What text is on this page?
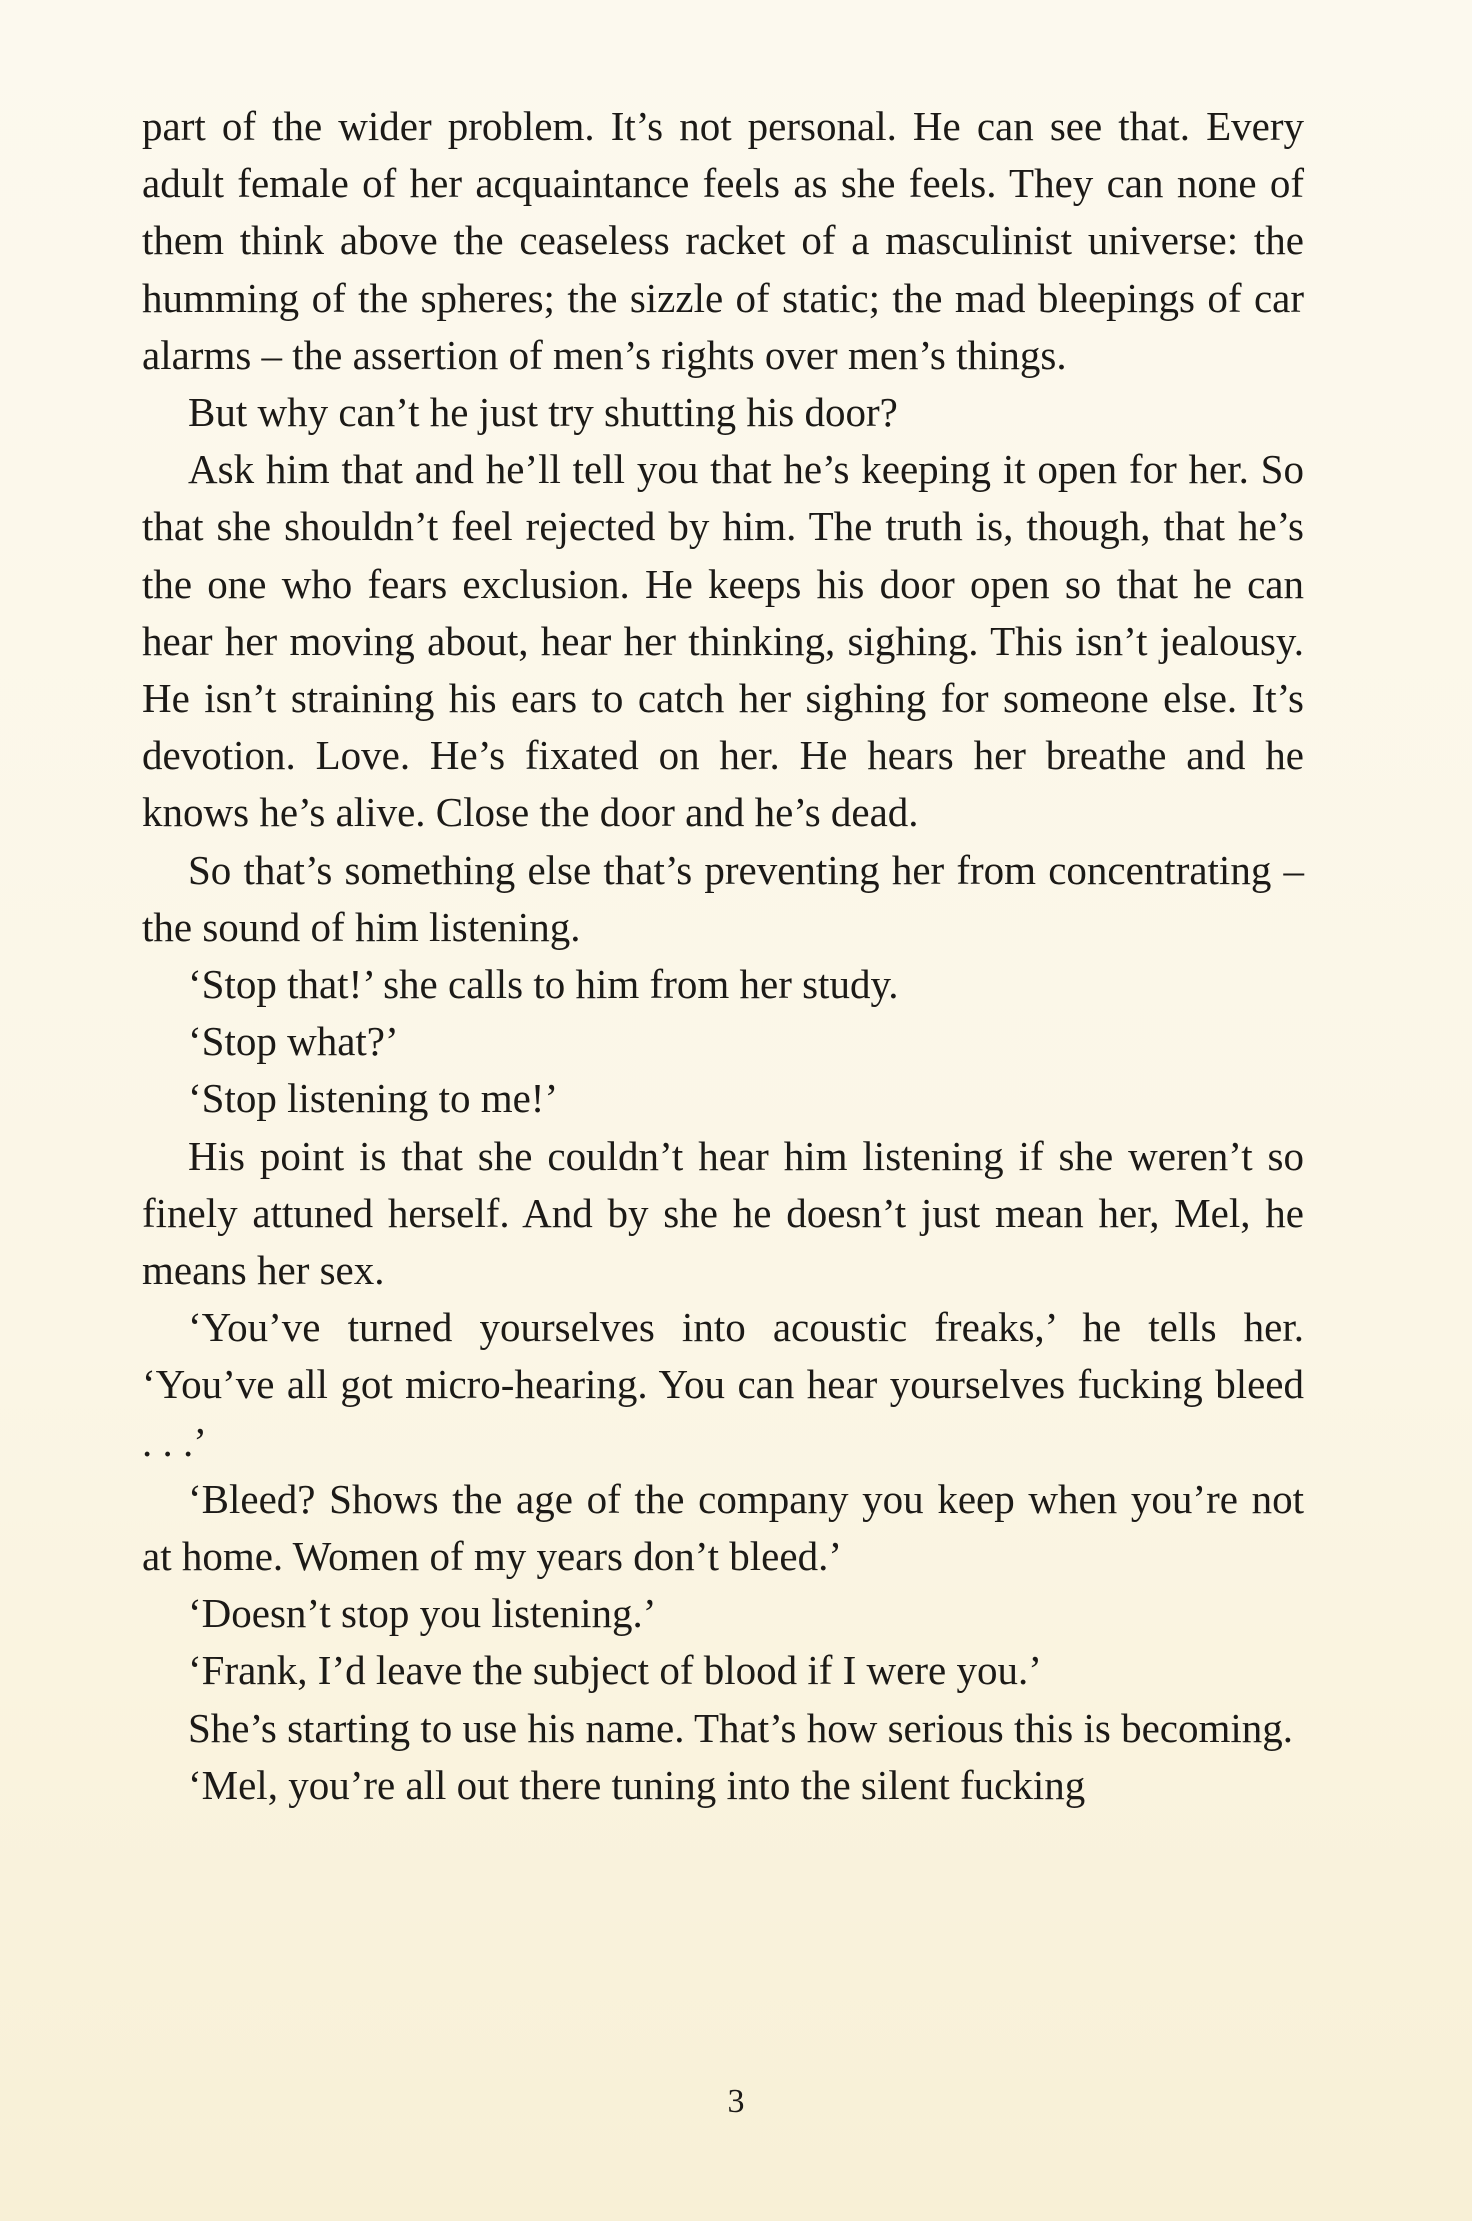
part of the wider problem. It’s not personal. He can see that. Every adult female of her acquaintance feels as she feels. They can none of them think above the ceaseless racket of a masculinist universe: the humming of the spheres; the sizzle of static; the mad bleepings of car alarms – the assertion of men’s rights over men’s things.

But why can’t he just try shutting his door?

Ask him that and he’ll tell you that he’s keeping it open for her. So that she shouldn’t feel rejected by him. The truth is, though, that he’s the one who fears exclusion. He keeps his door open so that he can hear her moving about, hear her thinking, sighing. This isn’t jealousy. He isn’t straining his ears to catch her sighing for someone else. It’s devotion. Love. He’s fixated on her. He hears her breathe and he knows he’s alive. Close the door and he’s dead.

So that’s something else that’s preventing her from concentrating – the sound of him listening.

‘Stop that!’ she calls to him from her study.

‘Stop what?’

‘Stop listening to me!’

His point is that she couldn’t hear him listening if she weren’t so finely attuned herself. And by she he doesn’t just mean her, Mel, he means her sex.

‘You’ve turned yourselves into acoustic freaks,’ he tells her. ‘You’ve all got micro-hearing. You can hear yourselves fucking bleed . . .’

‘Bleed? Shows the age of the company you keep when you’re not at home. Women of my years don’t bleed.’

‘Doesn’t stop you listening.’

‘Frank, I’d leave the subject of blood if I were you.’

She’s starting to use his name. That’s how serious this is becoming.

‘Mel, you’re all out there tuning into the silent fucking

3
